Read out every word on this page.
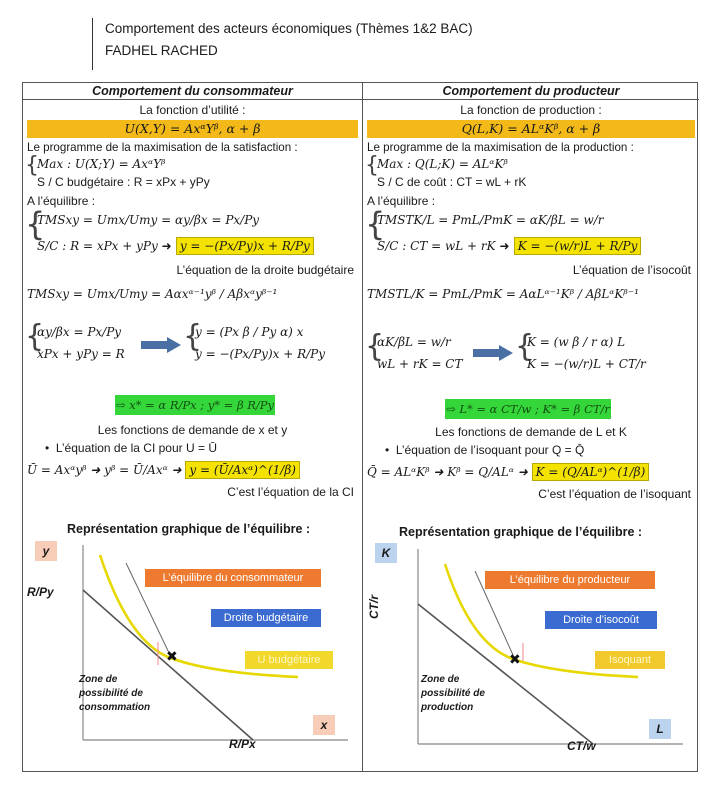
Comportement des acteurs économiques (Thèmes 1&2 BAC)
FADHEL RACHED
Comportement du consommateur
La fonction d’utilité :
U(X,Y) = AxᵅYᵝ, α + β
Le programme de la maximisation de la satisfaction :
{
Max : U(X;Y) = AxᵅYᵝ
S / C budgétaire : R = xPx + yPy
A l’équilibre :
{
TMSxy = Umx/Umy = αy/βx = Px/Py
S/C : R = xPx + yPy ➜ y = −(Px/Py)x + R/Py
L’équation de la droite budgétaire
TMSxy = Umx/Umy = Aαxᵅ⁻¹yᵝ / Aβxᵅyᵝ⁻¹
{
αy/βx = Px/Py
xPx + yPy = R {
y = (Px β / Py α) x
y = −(Px/Py)x + R/Py
⇨ x* = α R/Px ; y* = β R/Py
Les fonctions de demande de x et y
•  L’équation de la CI pour U = Ū
Ū = Axᵅyᵝ ➜ yᵝ = Ū/Axᵅ ➜ y = (Ū/Axᵅ)^(1/β)
C’est l’équation de la CI
Représentation graphique de l’équilibre :
y
R/Py
✖
L’équilibre du consommateur
Droite budgétaire
U budgétaire
Zone de
possibilité de
consommation
x
R/Px
Comportement du producteur
La fonction de production :
Q(L,K) = ALᵅKᵝ, α + β
Le programme de la maximisation de la production :
{
Max : Q(L;K) = ALᵅKᵝ
S / C de coût : CT = wL + rK
A l’équilibre :
{
TMSTK/L = PmL/PmK = αK/βL = w/r
S/C : CT = wL + rK ➜ K = −(w/r)L + R/Py
L’équation de l’isocoût
TMSTL/K = PmL/PmK = AαLᵅ⁻¹Kᵝ / AβLᵅKᵝ⁻¹
{
αK/βL = w/r
wL + rK = CT {
K = (w β / r α) L
K = −(w/r)L + CT/r
⇨ L* = α CT/w ; K* = β CT/r
Les fonctions de demande de L et K
•  L’équation de l’isoquant pour Q = Q̄
Q̄ = ALᵅKᵝ ➜ Kᵝ = Q/ALᵅ ➜ K = (Q/ALᵅ)^(1/β)
C’est l’équation de l’isoquant
Représentation graphique de l’équilibre :
K
CT/r
✖
L’équilibre du producteur
Droite d’isocoût
Isoquant
Zone de
possibilité de
production
L
CT/w
